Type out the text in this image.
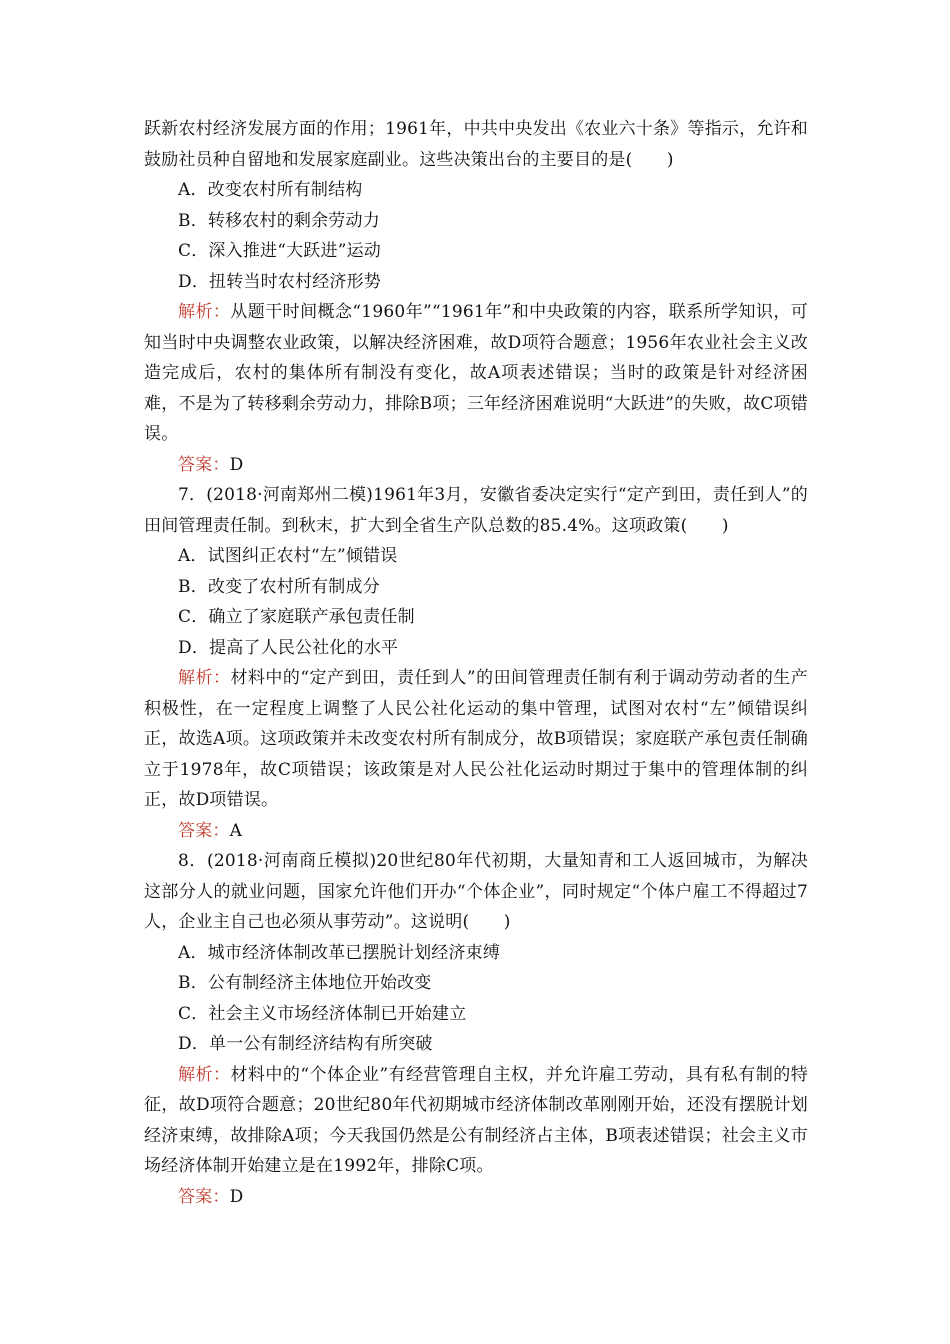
跃新农村经济发展方面的作用；1961年，中共中央发出《农业六十条》等指示，允许和鼓励社员种自留地和发展家庭副业。这些决策出台的主要目的是(　　)

A．改变农村所有制结构

B．转移农村的剩余劳动力

C．深入推进“大跃进”运动

D．扭转当时农村经济形势

解析：从题干时间概念“1960年”“1961年”和中央政策的内容，联系所学知识，可知当时中央调整农业政策，以解决经济困难，故D项符合题意；1956年农业社会主义改造完成后，农村的集体所有制没有变化，故A项表述错误；当时的政策是针对经济困难，不是为了转移剩余劳动力，排除B项；三年经济困难说明“大跃进”的失败，故C项错误。

答案：D

7．(2018·河南郑州二模)1961年3月，安徽省委决定实行“定产到田，责任到人”的田间管理责任制。到秋末，扩大到全省生产队总数的85.4%。这项政策(　　)

A．试图纠正农村“左”倾错误

B．改变了农村所有制成分

C．确立了家庭联产承包责任制

D．提高了人民公社化的水平

解析：材料中的“定产到田，责任到人”的田间管理责任制有利于调动劳动者的生产积极性，在一定程度上调整了人民公社化运动的集中管理，试图对农村“左”倾错误纠正，故选A项。这项政策并未改变农村所有制成分，故B项错误；家庭联产承包责任制确立于1978年，故C项错误；该政策是对人民公社化运动时期过于集中的管理体制的纠正，故D项错误。

答案：A

8．(2018·河南商丘模拟)20世纪80年代初期，大量知青和工人返回城市，为解决这部分人的就业问题，国家允许他们开办“个体企业”，同时规定“个体户雇工不得超过7人，企业主自己也必须从事劳动”。这说明(　　)

A．城市经济体制改革已摆脱计划经济束缚

B．公有制经济主体地位开始改变

C．社会主义市场经济体制已开始建立

D．单一公有制经济结构有所突破

解析：材料中的“个体企业”有经营管理自主权，并允许雇工劳动，具有私有制的特征，故D项符合题意；20世纪80年代初期城市经济体制改革刚刚开始，还没有摆脱计划经济束缚，故排除A项；今天我国仍然是公有制经济占主体，B项表述错误；社会主义市场经济体制开始建立是在1992年，排除C项。

答案：D
